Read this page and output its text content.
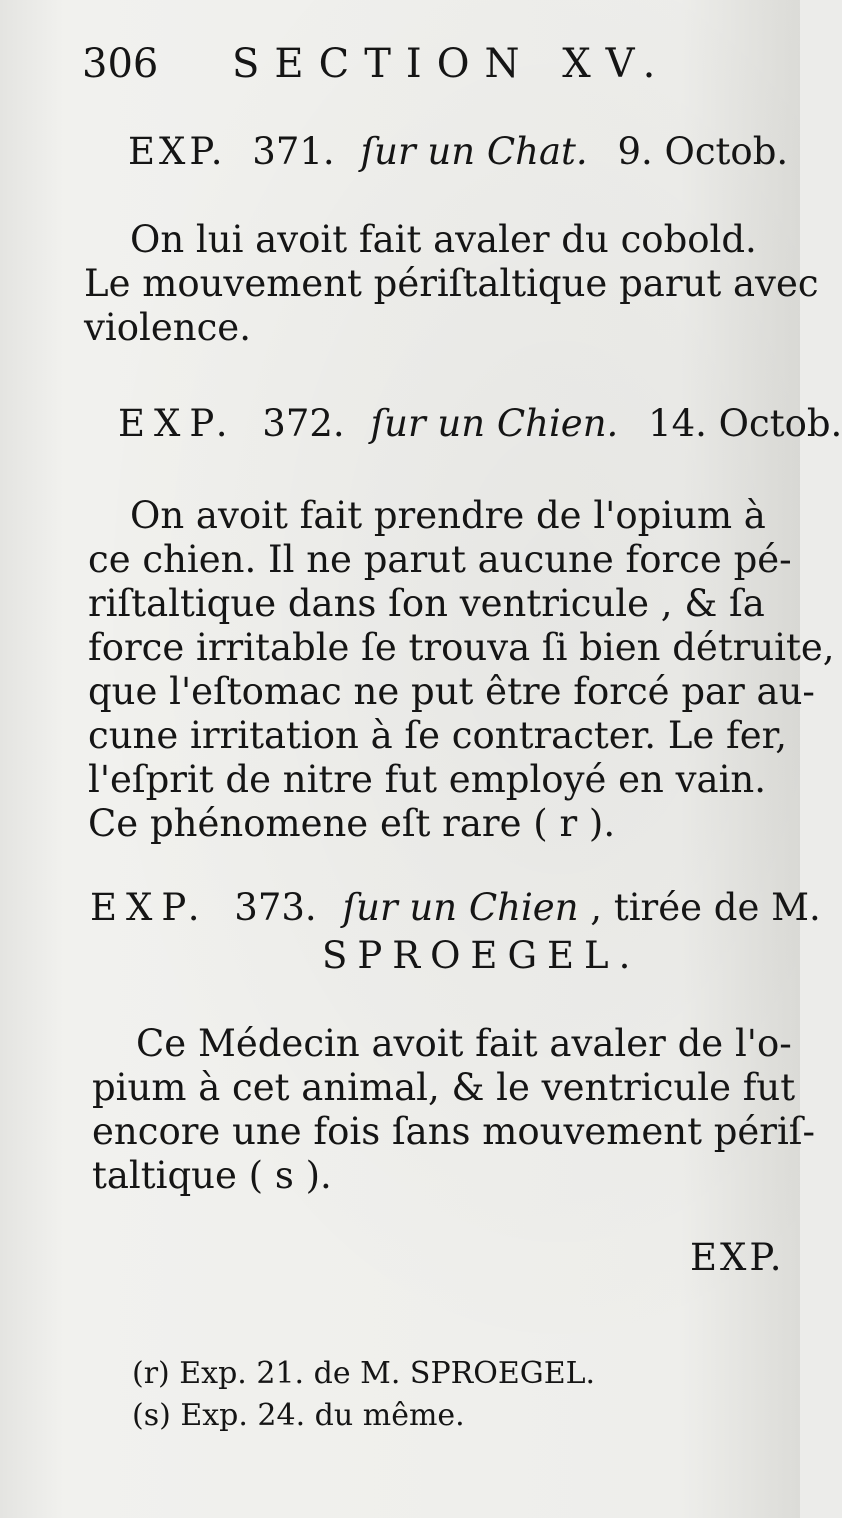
306 SECTION XV.
EXP. 371. ſur un Chat. 9. Octob.
On lui avoit fait avaler du cobold.
Le mouvement périſtaltique parut avec
violence.
EXP. 372. ſur un Chien. 14. Octob.
On avoit fait prendre de l'opium à
ce chien. Il ne parut aucune force pé-
riſtaltique dans ſon ventricule , & ſa
force irritable ſe trouva ſi bien détruite,
que l'eſtomac ne put être forcé par au-
cune irritation à ſe contracter. Le fer,
l'eſprit de nitre fut employé en vain.
Ce phénomene eſt rare ( r ).
EXP. 373. ſur un Chien , tirée de M.
SPROEGEL.
Ce Médecin avoit fait avaler de l'o-
pium à cet animal, & le ventricule fut
encore une fois ſans mouvement périſ-
taltique ( s ).
EXP.
(r) Exp. 21. de M. SPROEGEL.
(s) Exp. 24. du même.
